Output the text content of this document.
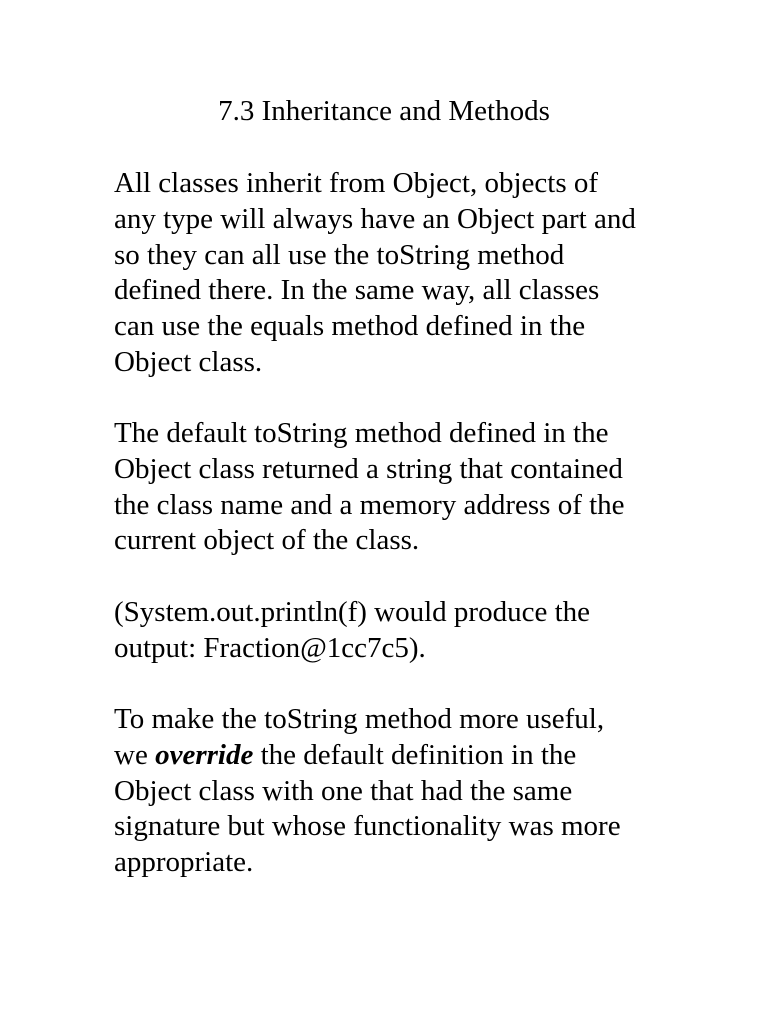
7.3 Inheritance and Methods

All classes inherit from Object, objects of
any type will always have an Object part and
so they can all use the toString method
defined there. In the same way, all classes
can use the equals method defined in the
Object class.

The default toString method defined in the
Object class returned a string that contained
the class name and a memory address of the
current object of the class.

(System.out.println(f) would produce the
output: Fraction@1cc7c5).

To make the toString method more useful,
we override the default definition in the
Object class with one that had the same
signature but whose functionality was more
appropriate.
